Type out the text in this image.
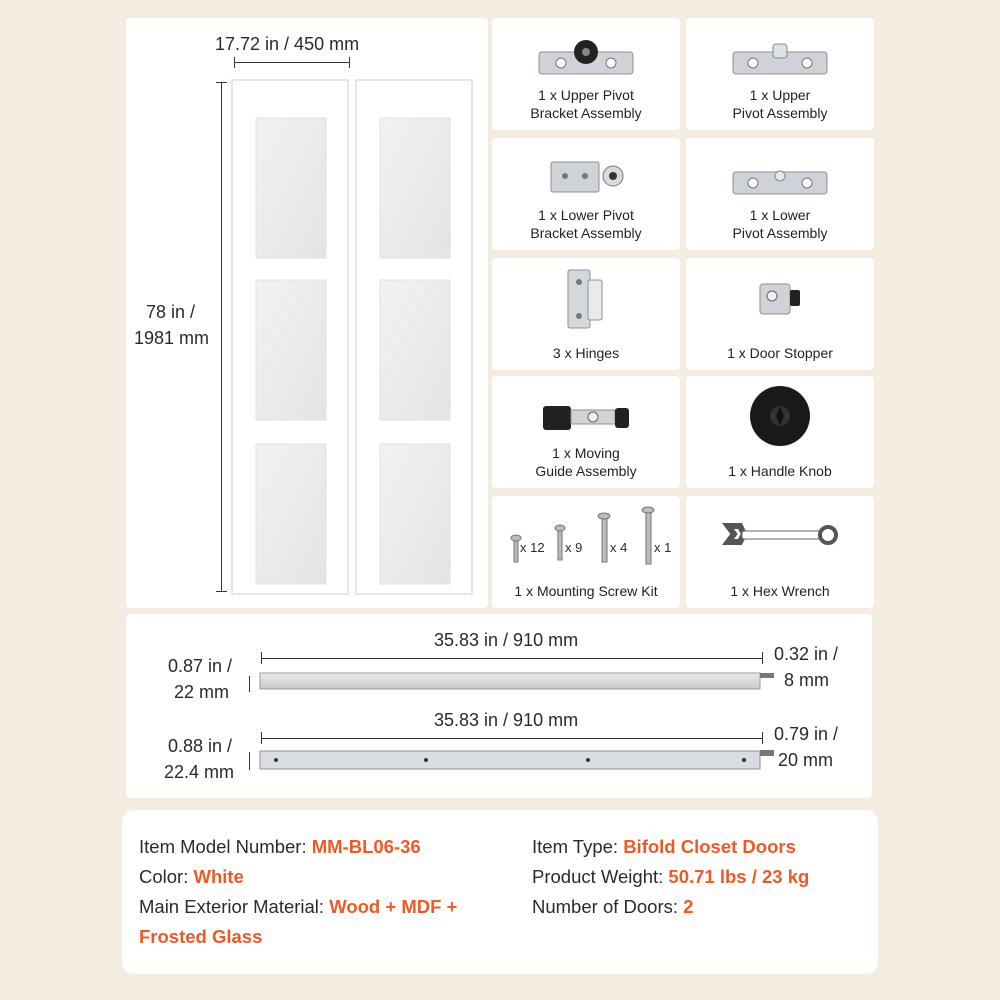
17.72 in / 450 mm
78 in /
1981 mm
1 x Upper Pivot
Bracket Assembly
1 x Upper
Pivot Assembly
1 x Lower Pivot
Bracket Assembly
1 x Lower
Pivot Assembly
3 x Hinges	1 x Door Stopper
1 x Moving
Guide Assembly	1 x Handle Knob
x 12 x 9 x 4 x 1
1 x Mounting Screw Kit	1 x Hex Wrench
35.83 in / 910 mm
0.87 in /
22 mm
0.32 in /
8 mm
35.83 in / 910 mm
0.88 in /
22.4 mm
0.79 in /
20 mm
Item Model Number: MM-BL06-36
Color: White
Main Exterior Material: Wood + MDF +
Frosted Glass
Item Type: Bifold Closet Doors
Product Weight: 50.71 lbs / 23 kg
Number of Doors: 2
